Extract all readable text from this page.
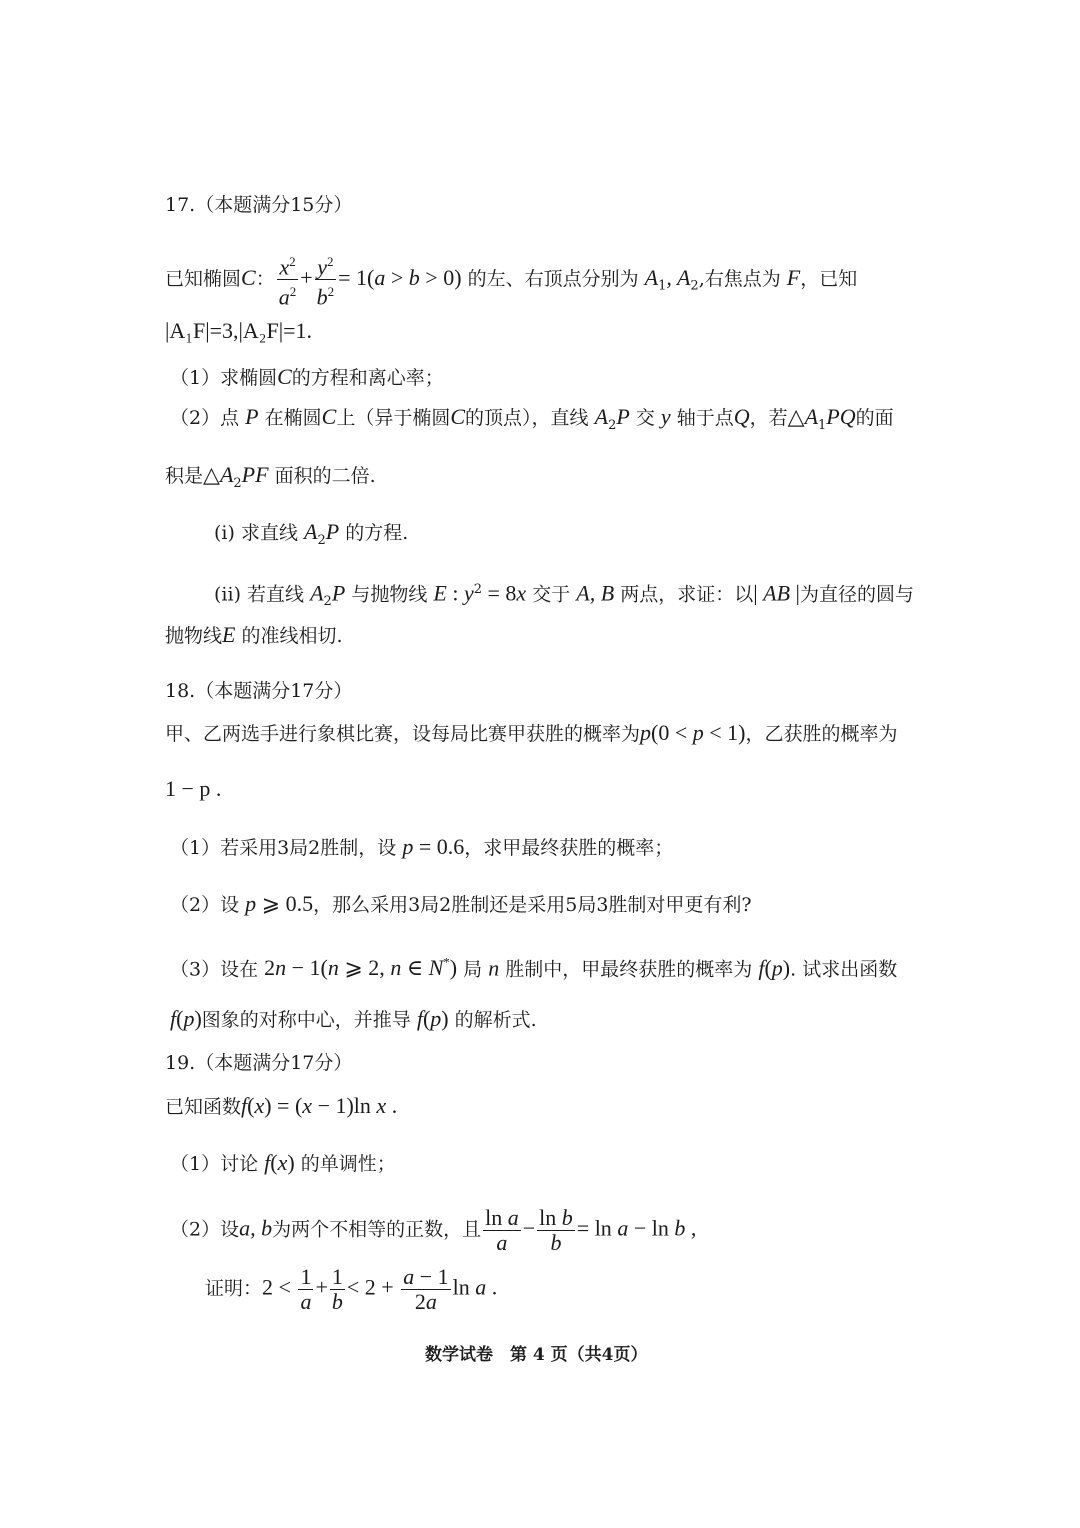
17.（本题满分15分）
已知椭圆C： $\frac{x^2}{a^2} + \frac{y^2}{b^2} = 1(a > b > 0)$ 的左、右顶点分别为 $A_1$, $A_2$,右焦点为 F，已知
|A₁F|=3,|A₂F|=1.
（1）求椭圆C的方程和离心率；
（2）点 P 在椭圆C上（异于椭圆C的顶点），直线 $A_2P$ 交 y 轴于点Q，若$\triangle A_1PQ$的面
积是$\triangle A_2PF$ 面积的二倍.
(i) 求直线 $A_2P$ 的方程.
(ii) 若直线 $A_2P$ 与抛物线 E : $y^2 = 8x$ 交于 A, B 两点，求证：以| AB |为直径的圆与
抛物线E 的准线相切.
18.（本题满分17分）
甲、乙两选手进行象棋比赛，设每局比赛甲获胜的概率为p(0 < p < 1)，乙获胜的概率为
1 − p .
（1）若采用3局2胜制，设 p = 0.6，求甲最终获胜的概率；
（2）设 p ⩾ 0.5，那么采用3局2胜制还是采用5局3胜制对甲更有利?
（3）设在 2n − 1(n ⩾ 2, n ∈ N*) 局 n 胜制中，甲最终获胜的概率为 f(p). 试求出函数
f(p)图象的对称中心，并推导 f(p) 的解析式.
19.（本题满分17分）
已知函数f(x) = (x − 1)ln x .
（1）讨论 f(x) 的单调性；
（2）设a, b为两个不相等的正数，且 $\frac{\text{ln a}}{a} - \frac{\text{ln b}}{b} = \ln a - \ln b$ ,
证明：$2 < \frac{1}{a} + \frac{1}{b} < 2 + \frac{a - 1}{2a}$ ln a .
数学试卷　第 4 页（共4页）
